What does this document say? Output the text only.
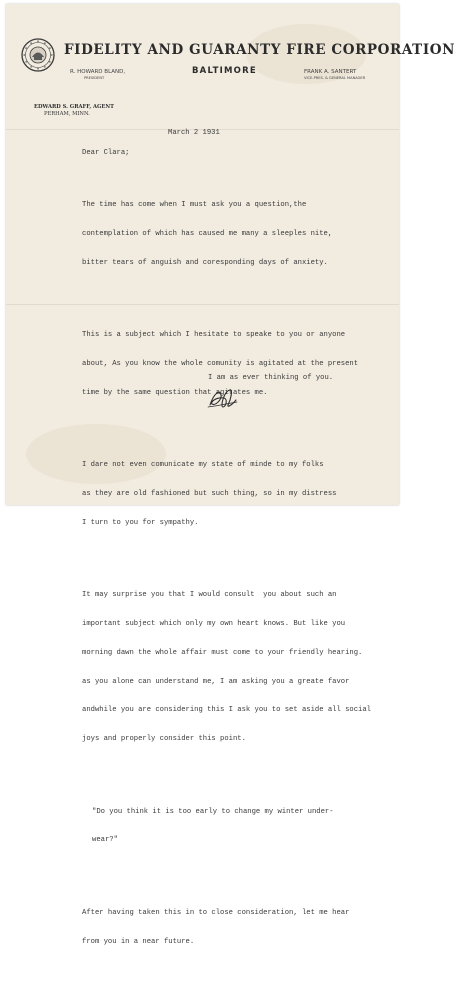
FIDELITY AND GUARANTY FIRE CORPORATION
BALTIMORE
R. HOWARD BLAND,
PRESIDENT
FRANK A. SANTERT
VICE-PRES. & GENERAL MANAGER
EDWARD S. GRAFF, AGENT
PERHAM, MINN.
March 2 1931
Dear Clara;

The time has come when I must ask you a question,the

contemplation of which has caused me many a sleeples nite,

bitter tears of anguish and coresponding days of anxiety.

This is a subject which I hesitate to speake to you or anyone

about, As you know the whole comunity is agitated at the present

time by the same question that agitates me.

I dare not even comunicate my state of minde to my folks

as they are old fashioned but such thing, so in my distress

I turn to you for sympathy.

It may surprise you that I would consult  you about such an

important subject which only my own heart knows. But like you

morning dawn the whole affair must come to your friendly hearing.

as you alone can understand me, I am asking you a greate favor

andwhile you are considering this I ask you to set aside all social

joys and properly consider this point.

"Do you think it is too early to change my winter under-

wear?"

After having taken this in to close consideration, let me hear

from you in a near future.

I am as ever thinking of you.
